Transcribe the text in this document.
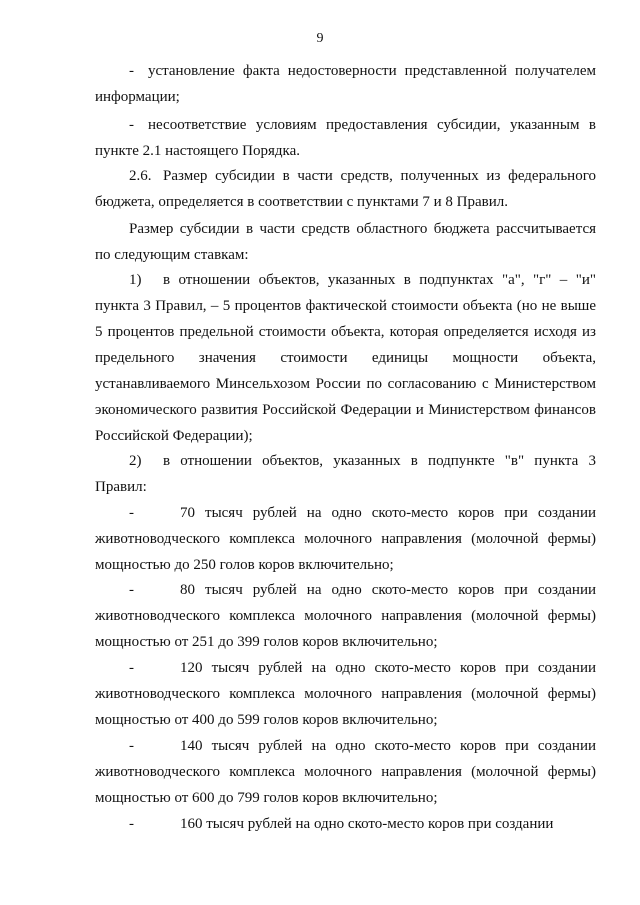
9

- установление факта недостоверности представленной получателем информации;

- несоответствие условиям предоставления субсидии, указанным в пункте 2.1 настоящего Порядка.

2.6. Размер субсидии в части средств, полученных из федерального бюджета, определяется в соответствии с пунктами 7 и 8 Правил.

Размер субсидии в части средств областного бюджета рассчитывается по следующим ставкам:

1) в отношении объектов, указанных в подпунктах "а", "г" – "и" пункта 3 Правил, – 5 процентов фактической стоимости объекта (но не выше 5 процентов предельной стоимости объекта, которая определяется исходя из предельного значения стоимости единицы мощности объекта, устанавливаемого Минсельхозом России по согласованию с Министерством экономического развития Российской Федерации и Министерством финансов Российской Федерации);

2) в отношении объектов, указанных в подпункте "в" пункта 3 Правил:

-	70 тысяч рублей на одно ското-место коров при создании животноводческого комплекса молочного направления (молочной фермы) мощностью до 250 голов коров включительно;

-	80 тысяч рублей на одно ското-место коров при создании животноводческого комплекса молочного направления (молочной фермы) мощностью от 251 до 399 голов коров включительно;

-	120 тысяч рублей на одно ското-место коров при создании животноводческого комплекса молочного направления (молочной фермы) мощностью от 400 до 599 голов коров включительно;

-	140 тысяч рублей на одно ското-место коров при создании животноводческого комплекса молочного направления (молочной фермы) мощностью от 600 до 799 голов коров включительно;

-	160 тысяч рублей на одно ското-место коров при создании
